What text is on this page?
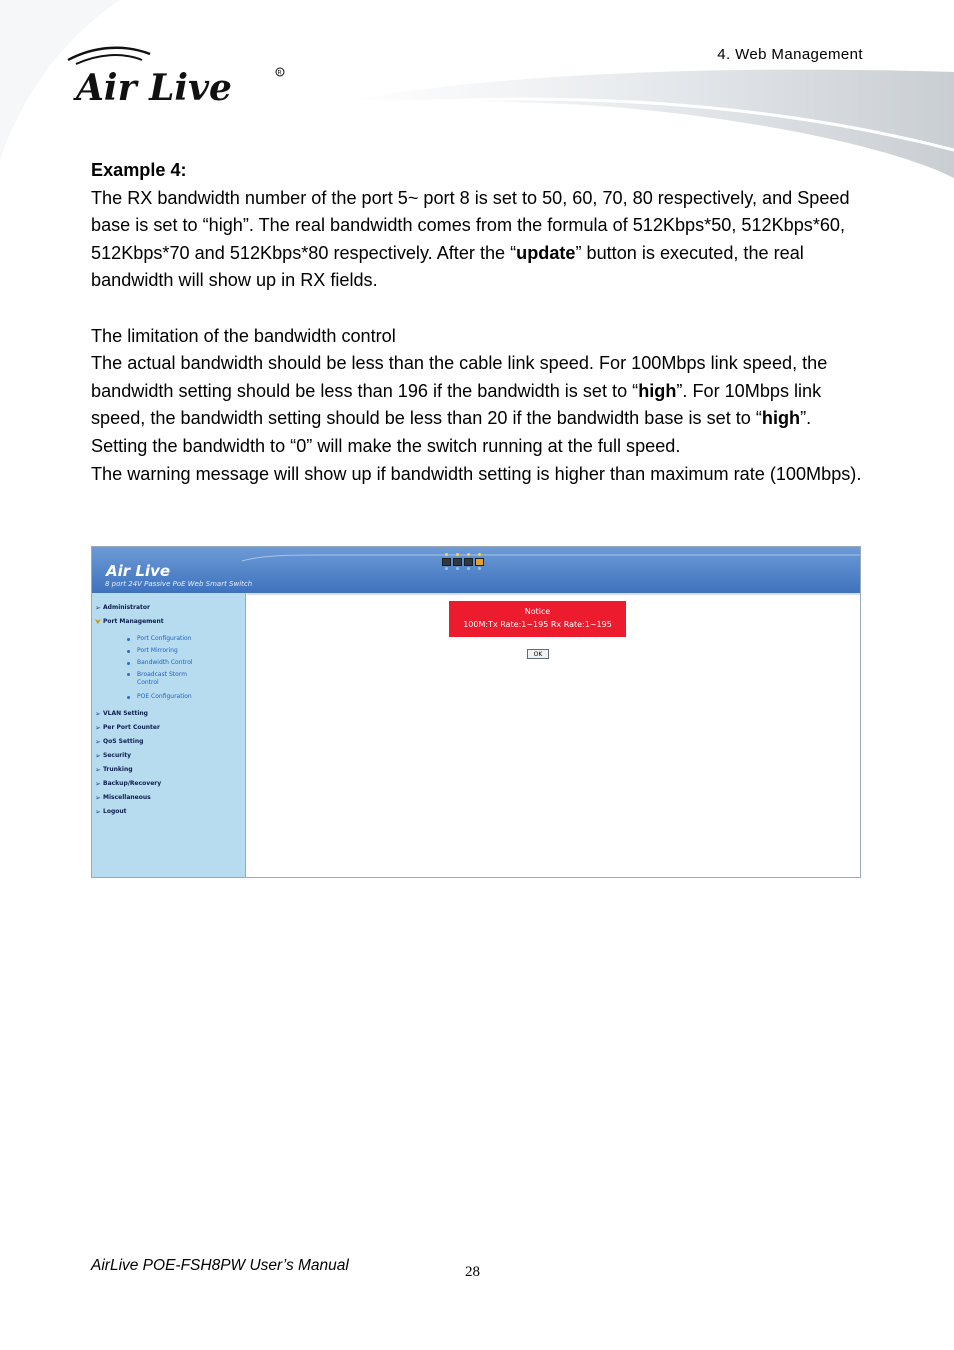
Air Live	R
4. Web Management

Example 4:

The RX bandwidth number of the port 5~ port 8 is set to 50, 60, 70, 80 respectively, and Speed base is set to “high”. The real bandwidth comes from the formula of 512Kbps*50, 512Kbps*60, 512Kbps*70 and 512Kbps*80 respectively. After the “update” button is executed, the real bandwidth will show up in RX fields.

The limitation of the bandwidth control

The actual bandwidth should be less than the cable link speed. For 100Mbps link speed, the bandwidth setting should be less than 196 if the bandwidth is set to “high”. For 10Mbps link speed, the bandwidth setting should be less than 20 if the bandwidth base is set to “high”.

Setting the bandwidth to “0” will make the switch running at the full speed.

The warning message will show up if bandwidth setting is higher than maximum rate (100Mbps).

Air Live
8 port 24V Passive PoE Web Smart Switch
➢ Administrator
⮟ Port Management
Port Configuration
Port Mirroring
Bandwidth Control
Broadcast Storm Control
POE Configuration
➢ VLAN Setting
➢ Per Port Counter
➢ QoS Setting
➢ Security
➢ Trunking
➢ Backup/Recovery
➢ Miscellaneous
➢ Logout
Notice
100M:Tx Rate:1~195 Rx Rate:1~195
OK
AirLive POE-FSH8PW User’s Manual	28
